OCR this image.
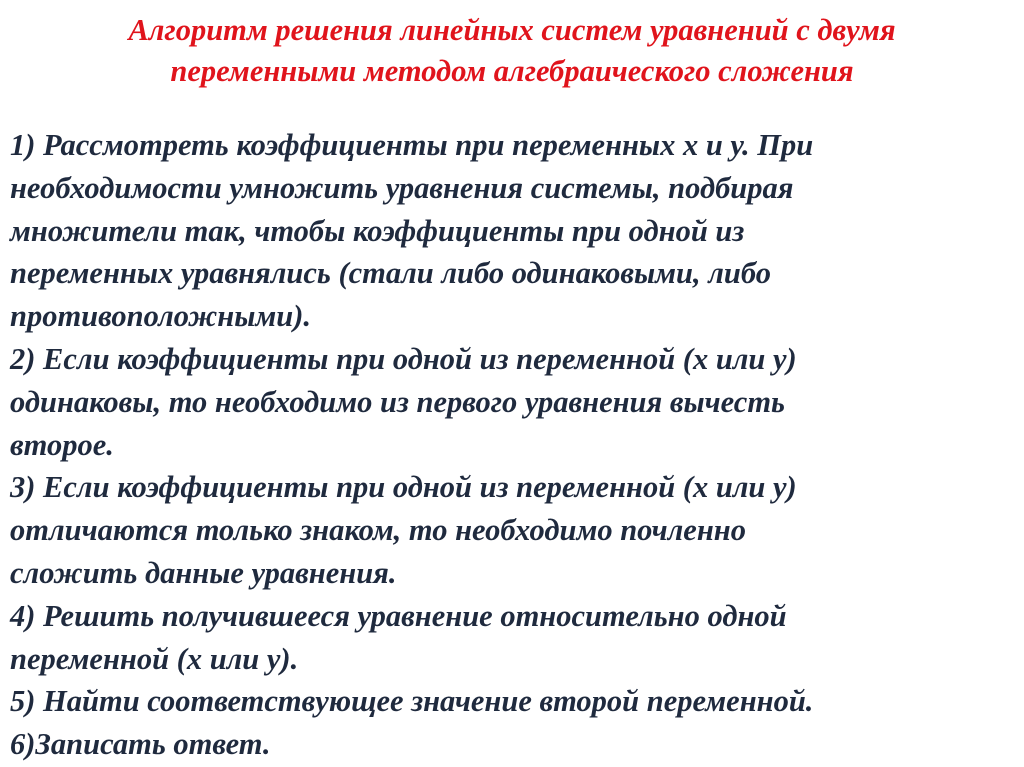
Алгоритм решения линейных систем уравнений с двумя
переменными методом алгебраического сложения
1) Рассмотреть коэффициенты при переменных х и у. При
необходимости умножить уравнения системы, подбирая
множители так, чтобы коэффициенты при одной из
переменных уравнялись (стали либо одинаковыми, либо
противоположными).
2) Если коэффициенты при одной из переменной (х или у)
одинаковы, то необходимо из первого уравнения вычесть
второе.
3) Если коэффициенты при одной из переменной (х или у)
отличаются только знаком, то необходимо почленно
сложить данные уравнения.
4) Решить получившееся уравнение относительно одной
переменной (х или у).
5) Найти соответствующее значение второй переменной.
6)Записать ответ.
